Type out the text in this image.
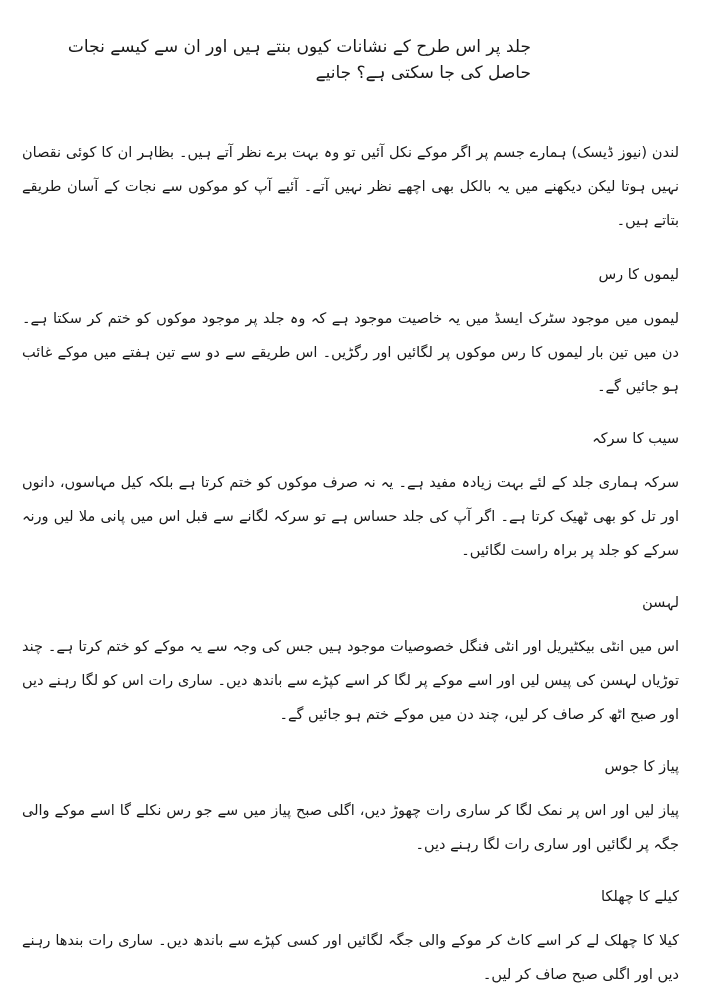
جلد پر اس طرح کے نشانات کیوں بنتے ہیں اور ان سے کیسے نجات حاصل کی جا سکتی ہے؟ جانیے

لندن (نیوز ڈیسک) ہمارے جسم پر اگر موکے نکل آئیں تو وہ بہت برے نظر آتے ہیں۔ بظاہر ان کا کوئی نقصان نہیں ہوتا لیکن دیکھنے میں یہ بالکل بھی اچھے نظر نہیں آتے۔ آئیے آپ کو موکوں سے نجات کے آسان طریقے بتاتے ہیں۔

لیموں کا رس

لیموں میں موجود سٹرک ایسڈ میں یہ خاصیت موجود ہے کہ وہ جلد پر موجود موکوں کو ختم کر سکتا ہے۔ دن میں تین بار لیموں کا رس موکوں پر لگائیں اور رگڑیں۔ اس طریقے سے دو سے تین ہفتے میں موکے غائب ہو جائیں گے۔

سیب کا سرکہ

سرکہ ہماری جلد کے لئے بہت زیادہ مفید ہے۔ یہ نہ صرف موکوں کو ختم کرتا ہے بلکہ کیل مہاسوں، دانوں اور تل کو بھی ٹھیک کرتا ہے۔ اگر آپ کی جلد حساس ہے تو سرکہ لگانے سے قبل اس میں پانی ملا لیں ورنہ سرکے کو جلد پر براہ راست لگائیں۔

لہسن

اس میں انٹی بیکٹیریل اور انٹی فنگل خصوصیات موجود ہیں جس کی وجہ سے یہ موکے کو ختم کرتا ہے۔ چند توڑیاں لہسن کی پیس لیں اور اسے موکے پر لگا کر اسے کپڑے سے باندھ دیں۔ ساری رات اس کو لگا رہنے دیں اور صبح اٹھ کر صاف کر لیں، چند دن میں موکے ختم ہو جائیں گے۔

پیاز کا جوس

پیاز لیں اور اس پر نمک لگا کر ساری رات چھوڑ دیں، اگلی صبح پیاز میں سے جو رس نکلے گا اسے موکے والی جگہ پر لگائیں اور ساری رات لگا رہنے دیں۔

کیلے کا چھلکا

کیلا کا چھلک لے کر اسے کاٹ کر موکے والی جگہ لگائیں اور کسی کپڑے سے باندھ دیں۔ ساری رات بندھا رہنے دیں اور اگلی صبح صاف کر لیں۔
